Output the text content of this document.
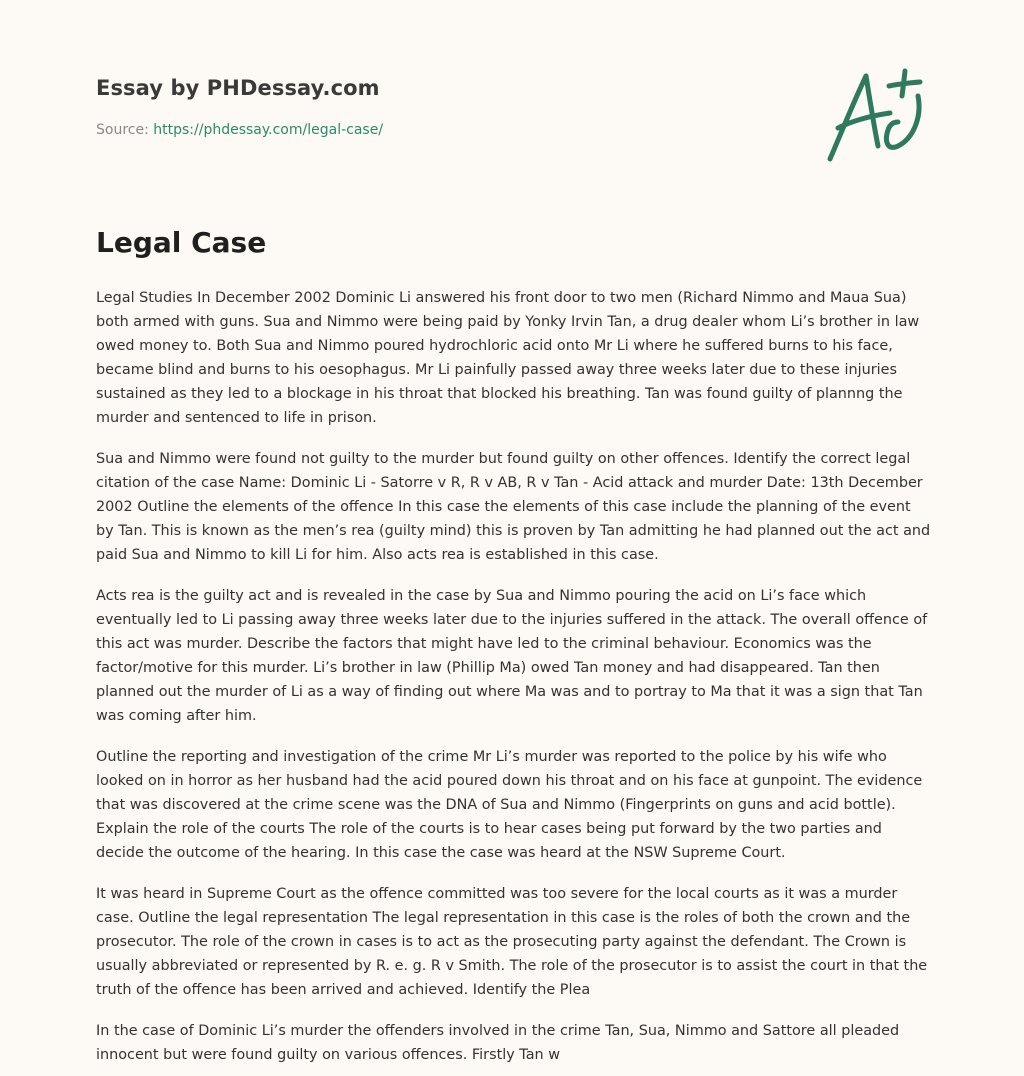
Essay by PHDessay.com
Source: https://phdessay.com/legal-case/
Legal Case

Legal Studies In December 2002 Dominic Li answered his front door to two men (Richard Nimmo and Maua Sua) both armed with guns. Sua and Nimmo were being paid by Yonky Irvin Tan, a drug dealer whom Li’s brother in law owed money to. Both Sua and Nimmo poured hydrochloric acid onto Mr Li where he suffered burns to his face, became blind and burns to his oesophagus. Mr Li painfully passed away three weeks later due to these injuries sustained as they led to a blockage in his throat that blocked his breathing. Tan was found guilty of plannng the murder and sentenced to life in prison.

Sua and Nimmo were found not guilty to the murder but found guilty on other offences. Identify the correct legal citation of the case Name: Dominic Li - Satorre v R, R v AB, R v Tan - Acid attack and murder Date: 13th December 2002 Outline the elements of the offence In this case the elements of this case include the planning of the event by Tan. This is known as the men’s rea (guilty mind) this is proven by Tan admitting he had planned out the act and paid Sua and Nimmo to kill Li for him. Also acts rea is established in this case.

Acts rea is the guilty act and is revealed in the case by Sua and Nimmo pouring the acid on Li’s face which eventually led to Li passing away three weeks later due to the injuries suffered in the attack. The overall offence of this act was murder. Describe the factors that might have led to the criminal behaviour. Economics was the factor/motive for this murder. Li’s brother in law (Phillip Ma) owed Tan money and had disappeared. Tan then planned out the murder of Li as a way of finding out where Ma was and to portray to Ma that it was a sign that Tan was coming after him.

Outline the reporting and investigation of the crime Mr Li’s murder was reported to the police by his wife who looked on in horror as her husband had the acid poured down his throat and on his face at gunpoint. The evidence that was discovered at the crime scene was the DNA of Sua and Nimmo (Fingerprints on guns and acid bottle). Explain the role of the courts The role of the courts is to hear cases being put forward by the two parties and decide the outcome of the hearing. In this case the case was heard at the NSW Supreme Court.

It was heard in Supreme Court as the offence committed was too severe for the local courts as it was a murder case. Outline the legal representation The legal representation in this case is the roles of both the crown and the prosecutor. The role of the crown in cases is to act as the prosecuting party against the defendant. The Crown is usually abbreviated or represented by R. e. g. R v Smith. The role of the prosecutor is to assist the court in that the truth of the offence has been arrived and achieved. Identify the Plea

In the case of Dominic Li’s murder the offenders involved in the crime Tan, Sua, Nimmo and Sattore all pleaded innocent but were found guilty on various offences. Firstly Tan w
